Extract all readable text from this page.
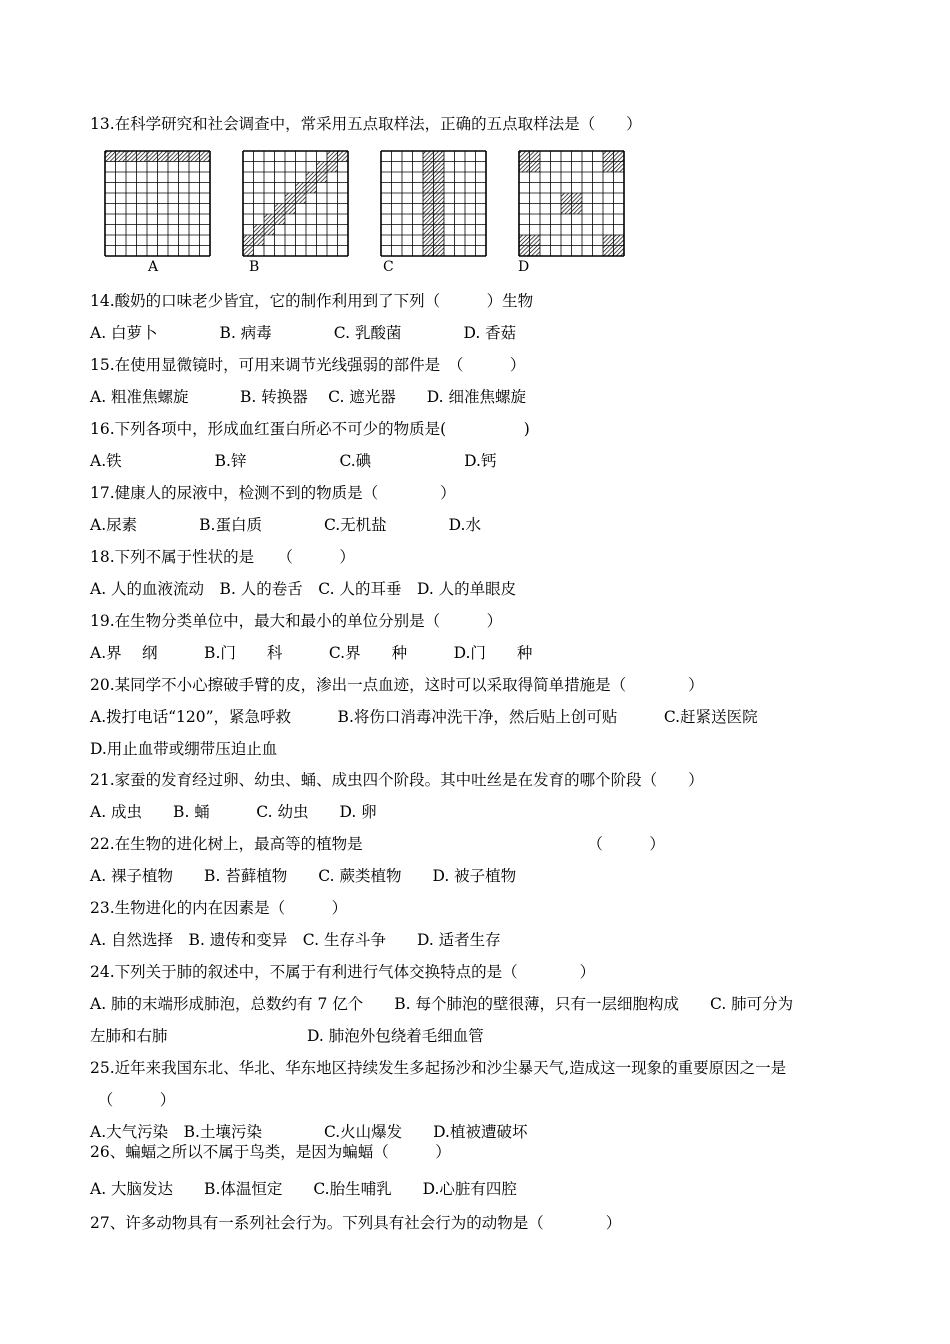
13.在科学研究和社会调查中，常采用五点取样法，正确的五点取样法是（　　）
A	B	C	D
14.酸奶的口味老少皆宜，它的制作利用到了下列（　　　）生物
A. 白萝卜　　　　B. 病毒　　　　C. 乳酸菌　　　　D. 香菇
15.在使用显微镜时，可用来调节光线强弱的部件是　（　　　）
A. 粗准焦螺旋　　　 B. 转换器　 C. 遮光器　　D. 细准焦螺旋
16.下列各项中，形成血红蛋白所必不可少的物质是(　　　　　)
A.铁　　　　　　B.锌　　　　　　C.碘　　　　　　D.钙
17.健康人的尿液中，检测不到的物质是（　　　　）
A.尿素　　　　B.蛋白质　　　　C.无机盐　　　　D.水
18.下列不属于性状的是　　（　　　）
A. 人的血液流动　B. 人的卷舌　C. 人的耳垂　D. 人的单眼皮
19.在生物分类单位中，最大和最小的单位分别是（　　　）
A.界　 纲　　　B.门　　科　　　C.界　　种　　　D.门　　种
20.某同学不小心擦破手臂的皮，渗出一点血迹，这时可以采取得简单措施是（　　　　）
A.拨打电话“120”，紧急呼救　　　B.将伤口消毒冲洗干净，然后贴上创可贴　　　C.赶紧送医院
D.用止血带或绷带压迫止血
21.家蚕的发育经过卵、幼虫、蛹、成虫四个阶段。其中吐丝是在发育的哪个阶段（　　）
A. 成虫　　B. 蛹　　　C. 幼虫　　D. 卵
22.在生物的进化树上，最高等的植物是　　　　　　　　　　　　　　　（　　　）
A. 裸子植物　　B. 苔藓植物　　C. 蕨类植物　　D. 被子植物
23.生物进化的内在因素是（　　　）
A. 自然选择　B. 遗传和变异　C. 生存斗争　　D. 适者生存
24.下列关于肺的叙述中，不属于有利进行气体交换特点的是（　　　　）
A. 肺的末端形成肺泡，总数约有 7 亿个　　B. 每个肺泡的壁很薄，只有一层细胞构成　　C. 肺可分为
左肺和右肺　　　　　　　　　D. 肺泡外包绕着毛细血管
25.近年来我国东北、华北、华东地区持续发生多起扬沙和沙尘暴天气,造成这一现象的重要原因之一是
　（　　　）
A.大气污染　B.土壤污染　　　　C.火山爆发　　D.植被遭破坏
26、蝙蝠之所以不属于鸟类，是因为蝙蝠（　　　）
A. 大脑发达　　B.体温恒定　　C.胎生哺乳　　D.心脏有四腔
27、许多动物具有一系列社会行为。下列具有社会行为的动物是（　　　　）
